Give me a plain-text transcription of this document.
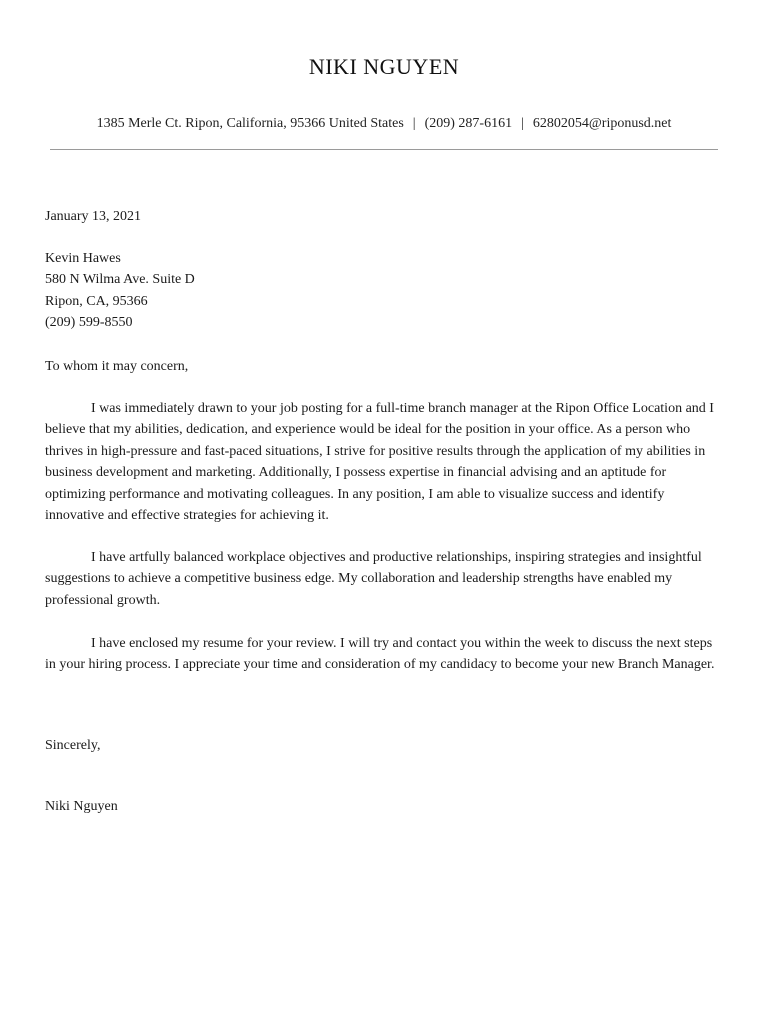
NIKI NGUYEN
1385 Merle Ct. Ripon, California, 95366 United States | (209) 287-6161 | 62802054@riponusd.net
January 13, 2021
Kevin Hawes
580 N Wilma Ave. Suite D
Ripon, CA, 95366
(209) 599-8550
To whom it may concern,
I was immediately drawn to your job posting for a full-time branch manager at the Ripon Office Location and I believe that my abilities, dedication, and experience would be ideal for the position in your office. As a person who thrives in high-pressure and fast-paced situations, I strive for positive results through the application of my abilities in business development and marketing. Additionally, I possess expertise in financial advising and an aptitude for optimizing performance and motivating colleagues. In any position, I am able to visualize success and identify innovative and effective strategies for achieving it.
I have artfully balanced workplace objectives and productive relationships, inspiring strategies and insightful suggestions to achieve a competitive business edge. My collaboration and leadership strengths have enabled my professional growth.
I have enclosed my resume for your review. I will try and contact you within the week to discuss the next steps in your hiring process. I appreciate your time and consideration of my candidacy to become your new Branch Manager.
Sincerely,
Niki Nguyen
